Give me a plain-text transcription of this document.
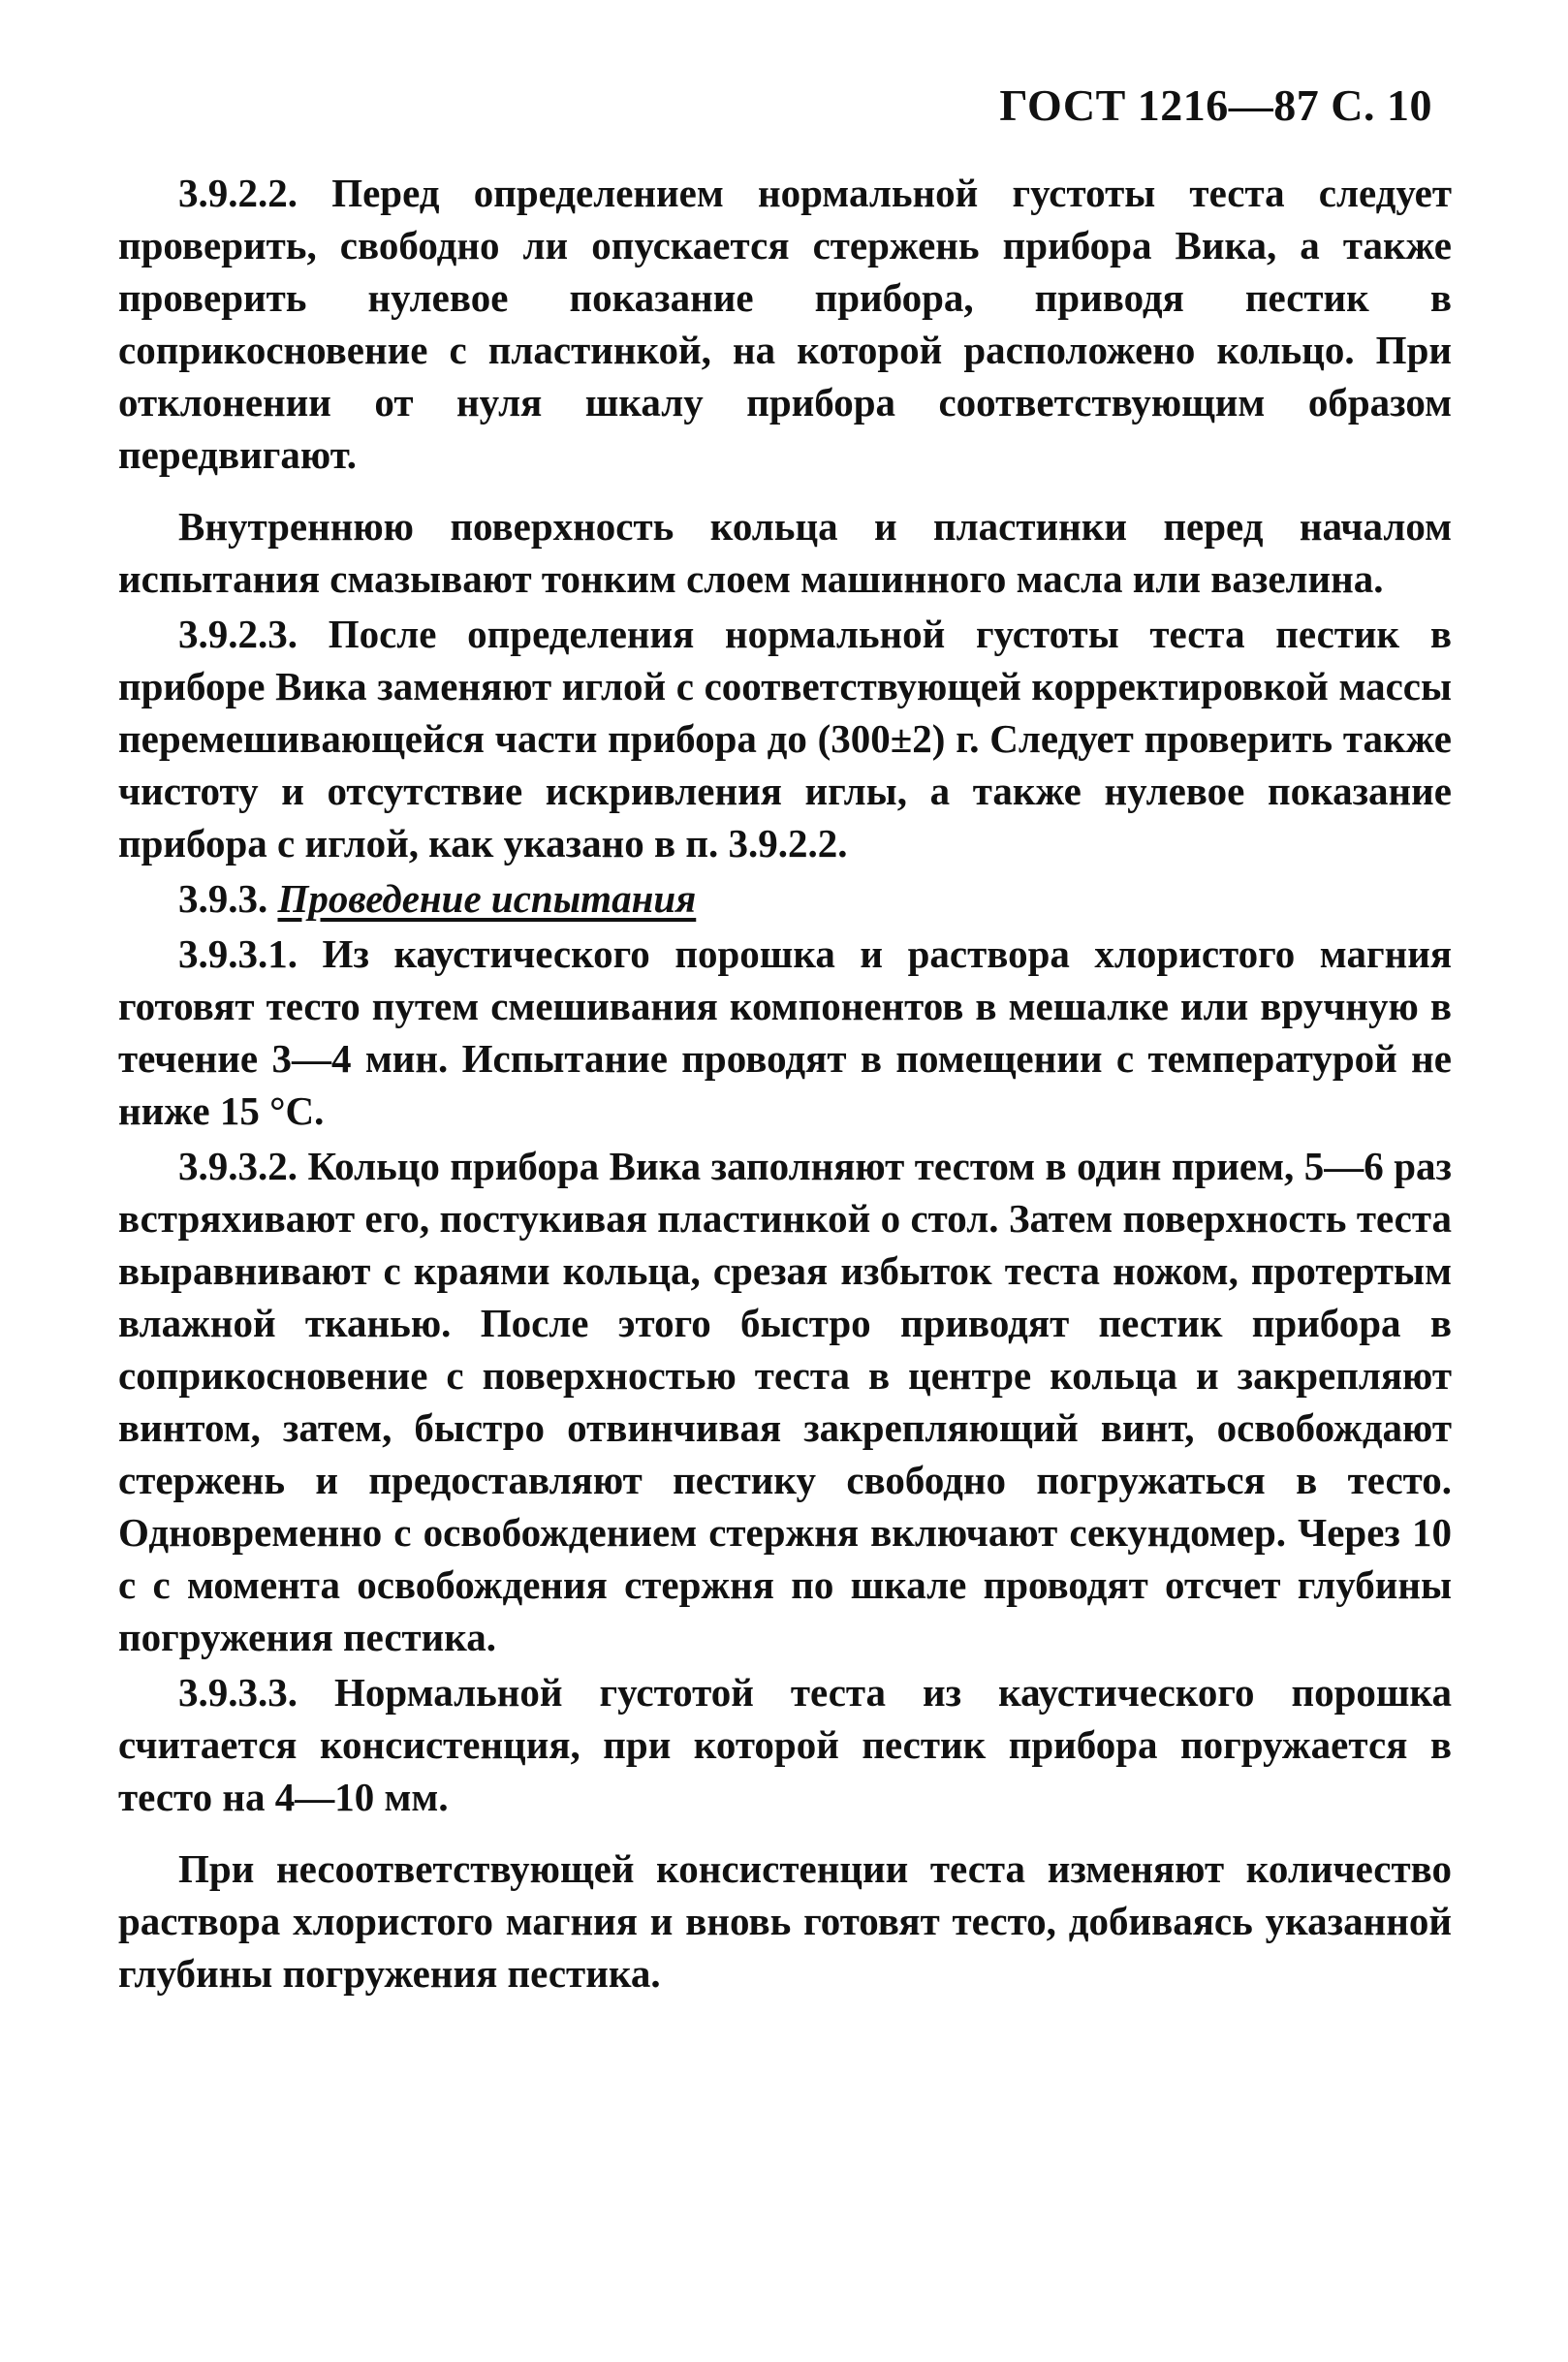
ГОСТ 1216—87 С. 10

3.9.2.2. Перед определением нормальной густоты теста следует проверить, свободно ли опускается стержень прибора Вика, а также проверить нулевое показание прибора, приводя пестик в соприкосновение с пластинкой, на которой расположено кольцо. При отклонении от нуля шкалу прибора соответствующим образом передвигают.

Внутреннюю поверхность кольца и пластинки перед началом испытания смазывают тонким слоем машинного масла или вазелина.

3.9.2.3. После определения нормальной густоты теста пестик в приборе Вика заменяют иглой с соответствующей корректировкой массы перемешивающейся части прибора до (300±2) г. Следует проверить также чистоту и отсутствие искривления иглы, а также нулевое показание прибора с иглой, как указано в п. 3.9.2.2.

3.9.3. Проведение испытания

3.9.3.1. Из каустического порошка и раствора хлористого магния готовят тесто путем смешивания компонентов в мешалке или вручную в течение 3—4 мин. Испытание проводят в помещении с температурой не ниже 15 °С.

3.9.3.2. Кольцо прибора Вика заполняют тестом в один прием, 5—6 раз встряхивают его, постукивая пластинкой о стол. Затем поверхность теста выравнивают с краями кольца, срезая избыток теста ножом, протертым влажной тканью. После этого быстро приводят пестик прибора в соприкосновение с поверхностью теста в центре кольца и закрепляют винтом, затем, быстро отвинчивая закрепляющий винт, освобождают стержень и предоставляют пестику свободно погружаться в тесто. Одновременно с освобождением стержня включают секундомер. Через 10 с с момента освобождения стержня по шкале проводят отсчет глубины погружения пестика.

3.9.3.3. Нормальной густотой теста из каустического порошка считается консистенция, при которой пестик прибора погружается в тесто на 4—10 мм.

При несоответствующей консистенции теста изменяют количество раствора хлористого магния и вновь готовят тесто, добиваясь указанной глубины погружения пестика.
